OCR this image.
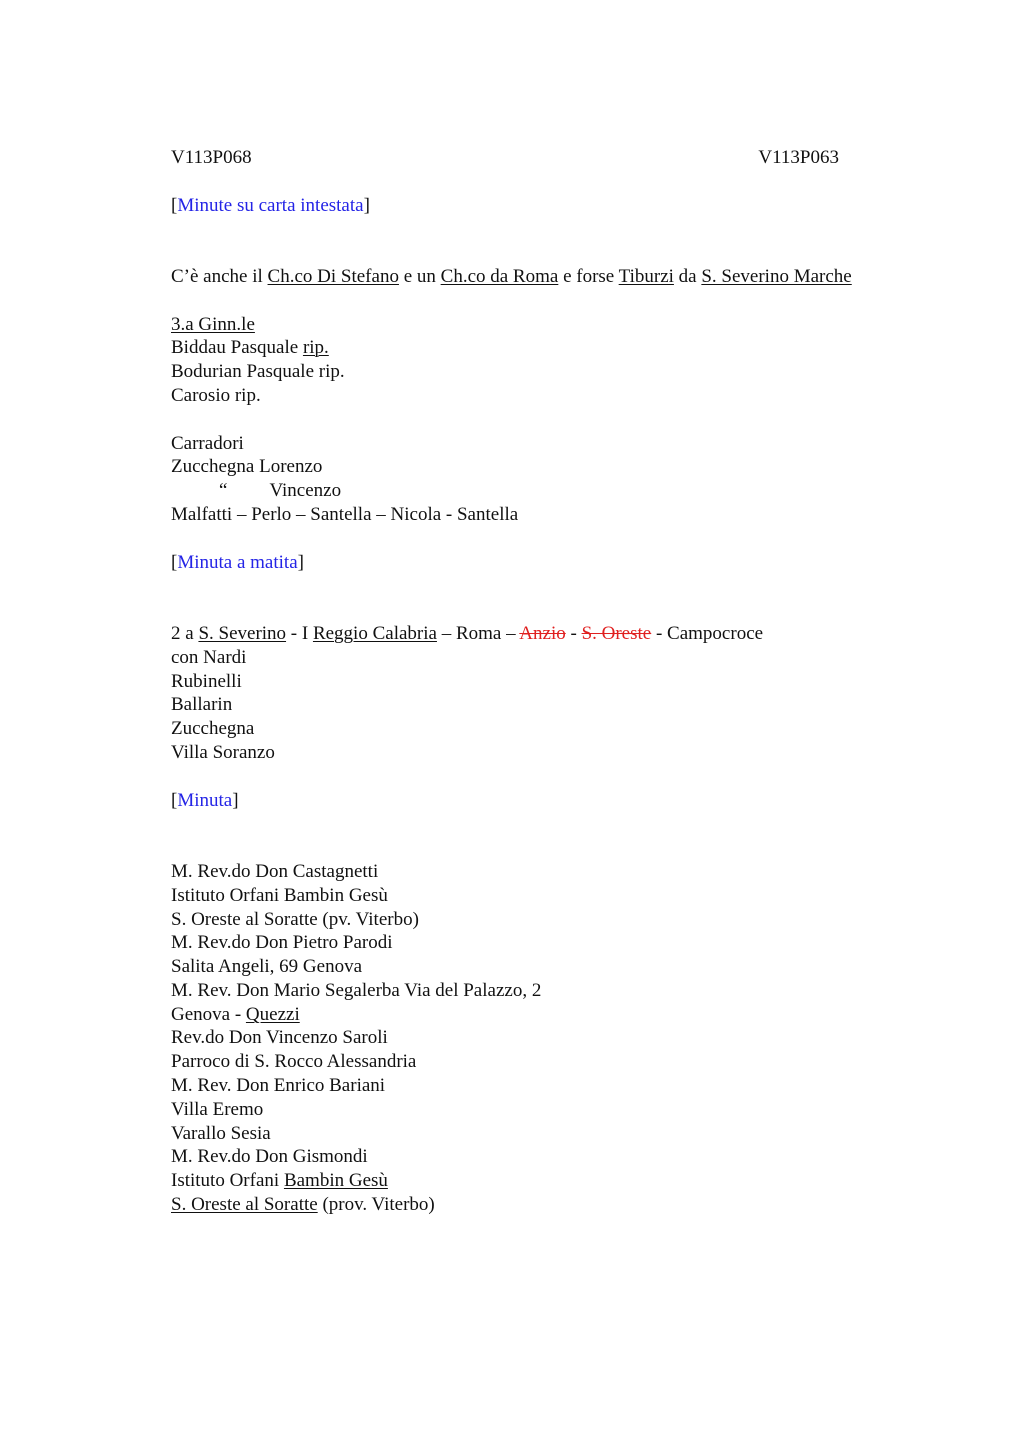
V113P068	V113P063
[Minute su carta intestata]
C’è anche il Ch.co Di Stefano e un Ch.co da Roma e forse Tiburzi da S. Severino Marche
3.a Ginn.le
Biddau Pasquale rip.
Bodurian Pasquale rip.
Carosio rip.
Carradori
Zucchegna Lorenzo
“ Vincenzo
Malfatti – Perlo – Santella – Nicola - Santella
[Minuta a matita]
2 a S. Severino - I Reggio Calabria – Roma – Anzio - S. Oreste - Campocroce
con Nardi
Rubinelli
Ballarin
Zucchegna
Villa Soranzo
[Minuta]
M. Rev.do Don Castagnetti
Istituto Orfani Bambin Gesù
S. Oreste al Soratte (pv. Viterbo)
M. Rev.do Don Pietro Parodi
Salita Angeli, 69 Genova
M. Rev. Don Mario Segalerba Via del Palazzo, 2
Genova - Quezzi
Rev.do Don Vincenzo Saroli
Parroco di S. Rocco Alessandria
M. Rev. Don Enrico Bariani
Villa Eremo
Varallo Sesia
M. Rev.do Don Gismondi
Istituto Orfani Bambin Gesù
S. Oreste al Soratte (prov. Viterbo)
